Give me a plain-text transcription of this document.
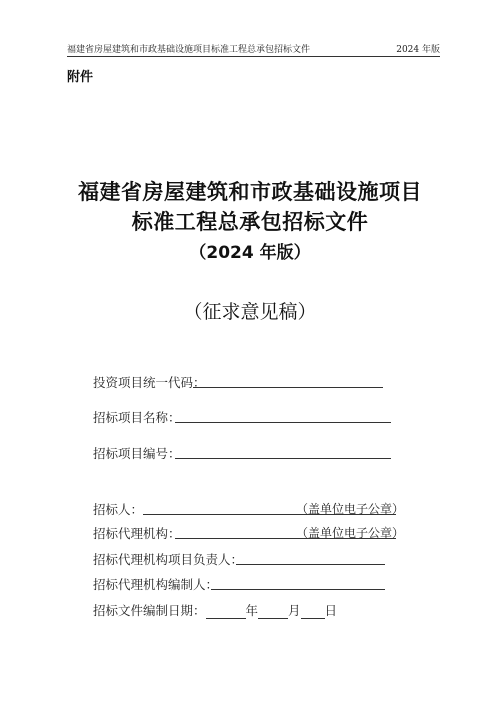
福建省房屋建筑和市政基础设施项目标准工程总承包招标文件	2024 年版
附件
福建省房屋建筑和市政基础设施项目
标准工程总承包招标文件
（2024 年版）
（征求意见稿）
投资项目统一代码：
招标项目名称：
招标项目编号：
招标人：	（盖单位电子公章）
招标代理机构：	（盖单位电子公章）
招标代理机构项目负责人：
招标代理机构编制人：
招标文件编制日期：	年 月 日
